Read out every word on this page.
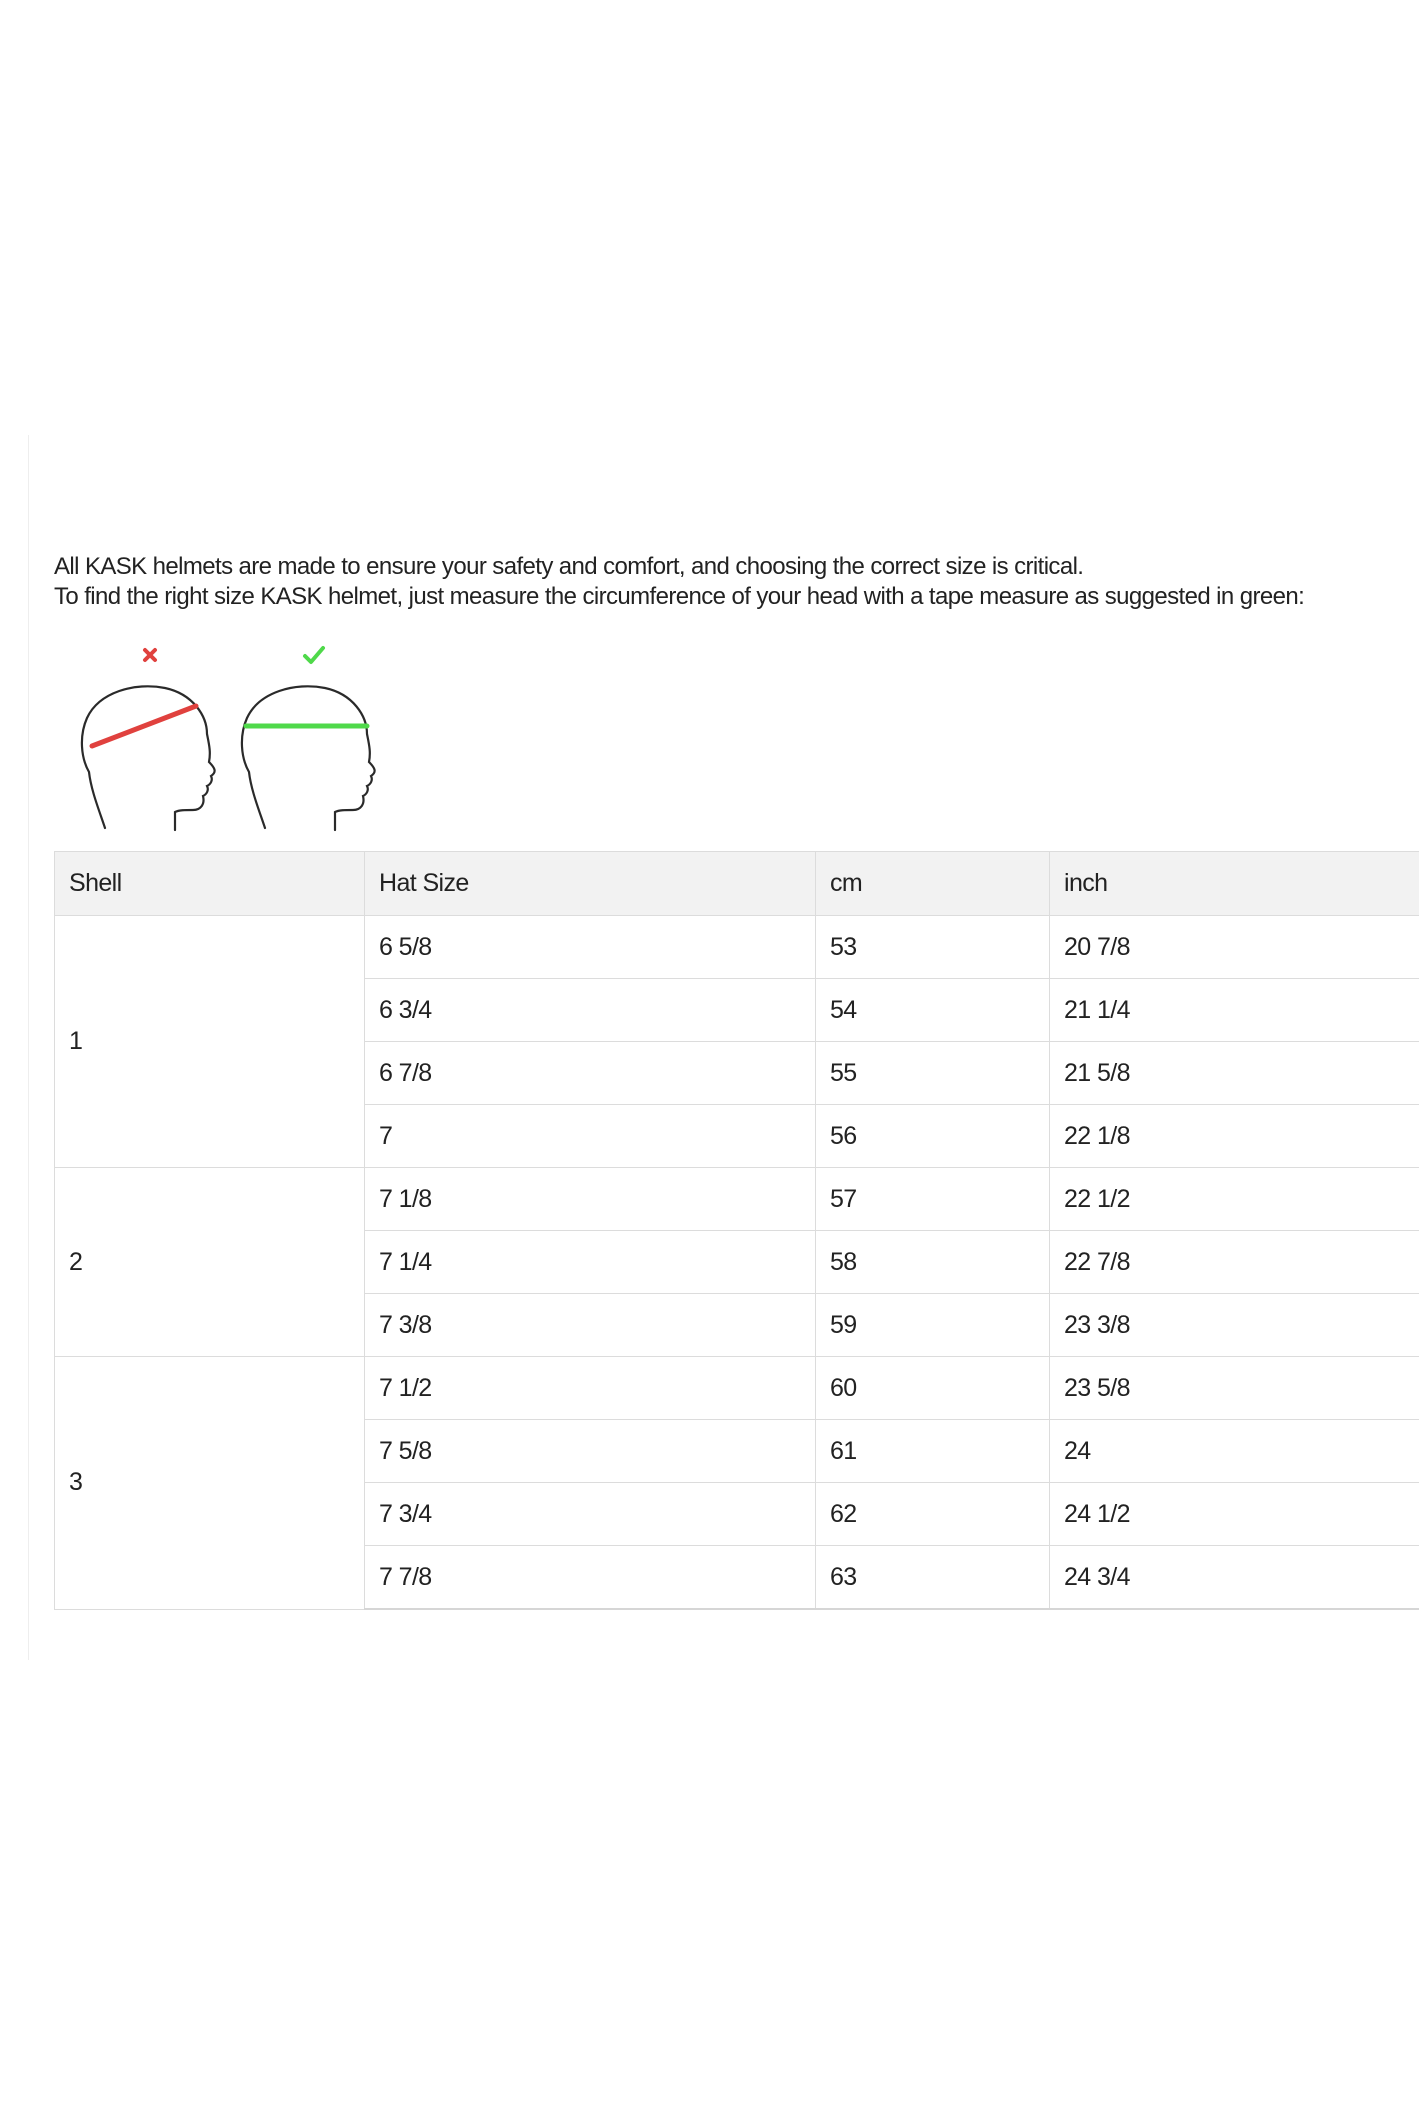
All KASK helmets are made to ensure your safety and comfort, and choosing the correct size is critical.

To find the right size KASK helmet, just measure the circumference of your head with a tape measure as suggested in green:

Shell	Hat Size	cm	inch
1	6 5/8	53	20 7/8
	6 3/4	54	21 1/4
	6 7/8	55	21 5/8
	7	56	22 1/8
2	7 1/8	57	22 1/2
	7 1/4	58	22 7/8
	7 3/8	59	23 3/8
3	7 1/2	60	23 5/8
	7 5/8	61	24
	7 3/4	62	24 1/2
	7 7/8	63	24 3/4
